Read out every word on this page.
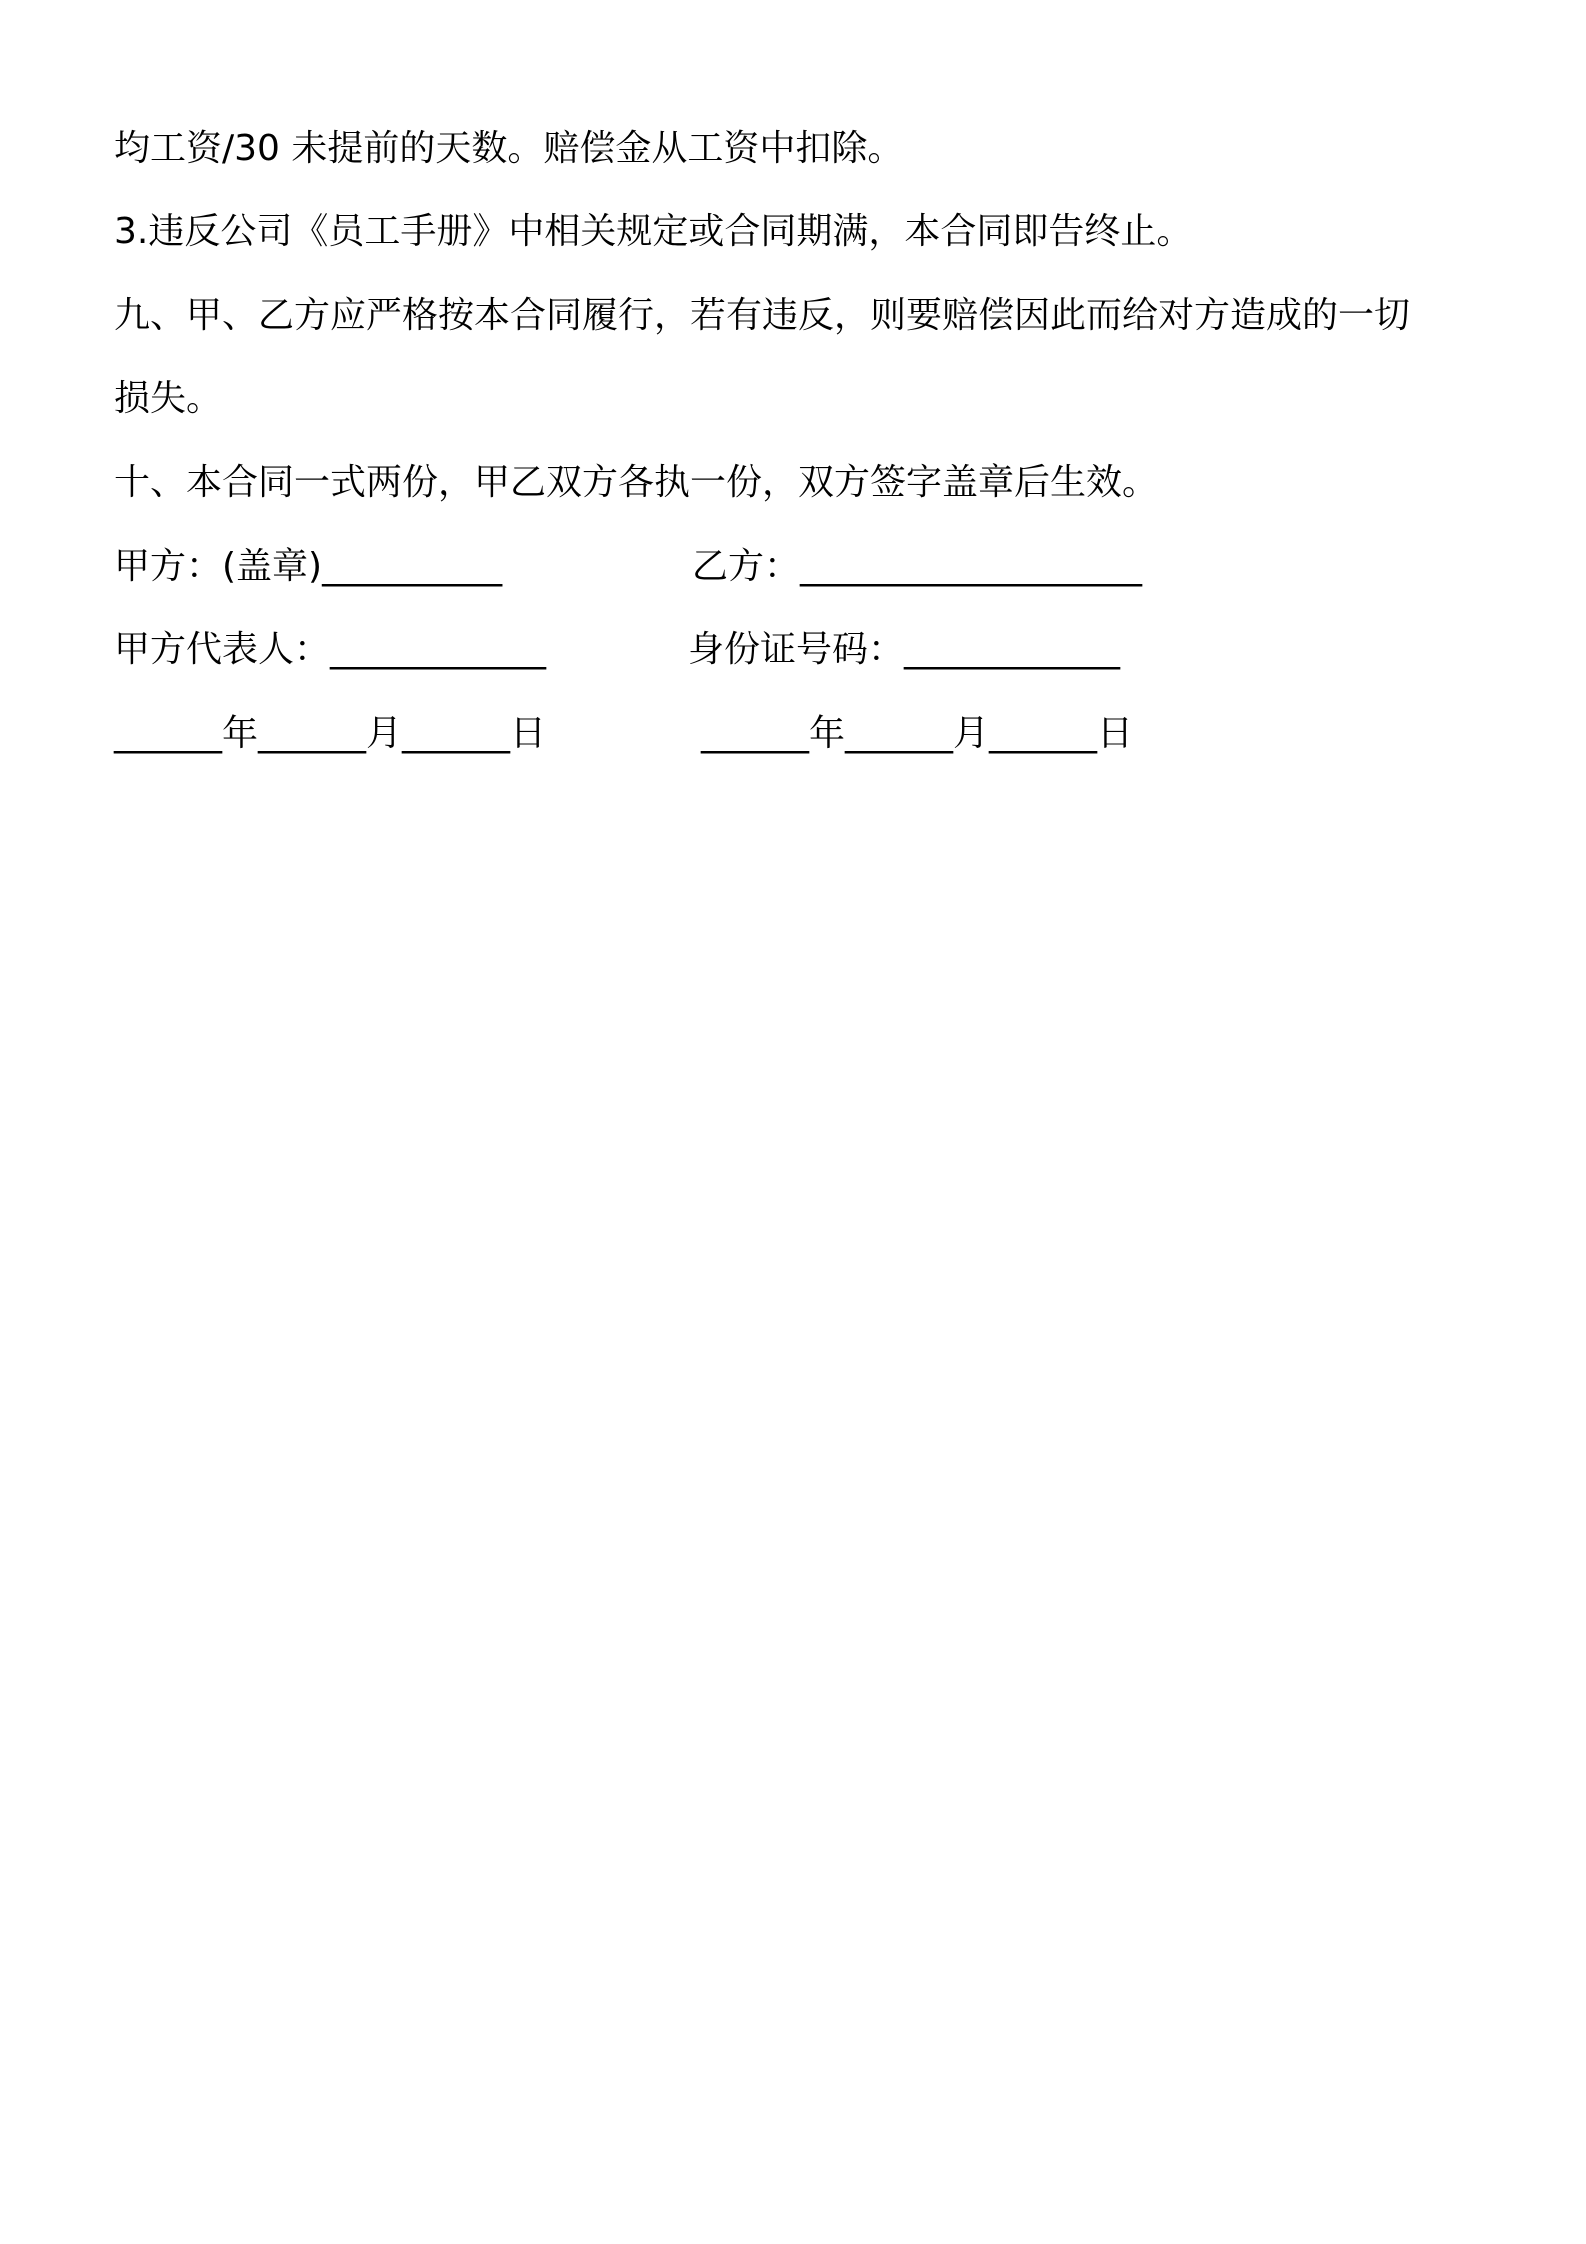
均工资/30 未提前的天数。赔偿金从工资中扣除。
3.违反公司《员工手册》中相关规定或合同期满，本合同即告终止。
九、甲、乙方应严格按本合同履行，若有违反，则要赔偿因此而给对方造成的一切
损失。
十、本合同一式两份，甲乙双方各执一份，双方签字盖章后生效。
甲方：(盖章)__________	乙方：___________________
甲方代表人：____________	身份证号码：____________
______年______月______日	______年______月______日
